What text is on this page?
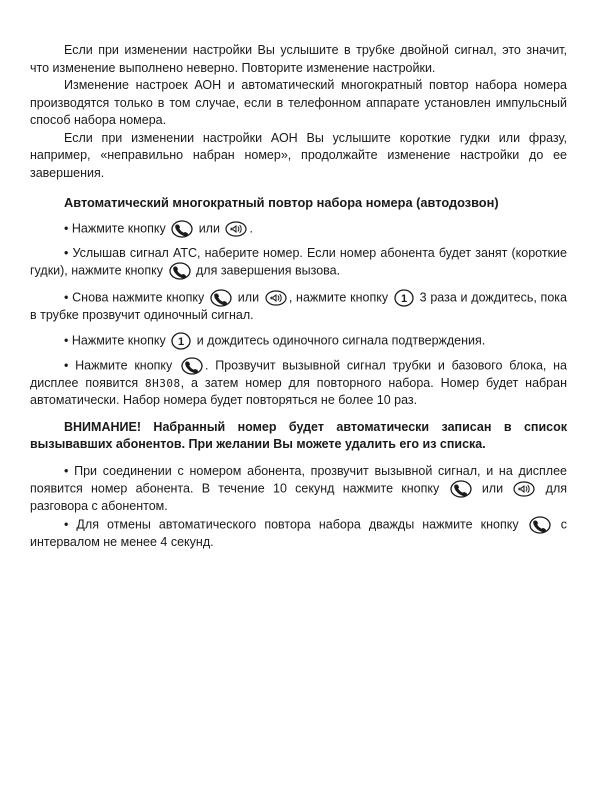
Если при изменении настройки Вы услышите в трубке двойной сигнал, это значит, что изменение выполнено неверно. Повторите изменение настройки.

Изменение настроек АОН и автоматический многократный повтор набора номера производятся только в том случае, если в телефонном аппарате установлен импульсный способ набора номера.

Если при изменении настройки АОН Вы услышите короткие гудки или фразу, например, «неправильно набран номер», продолжайте изменение настройки до ее завершения.

Автоматический многократный повтор набора номера (автодозвон)

• Нажмите кнопку	или .

• Услышав сигнал АТС, наберите номер. Если номер абонента будет занят (короткие гудки), нажмите кнопку	для завершения вызова.

• Снова нажмите кнопку	или , нажмите кнопку 1 3 раза и дождитесь, пока в трубке прозвучит одиночный сигнал.

• Нажмите кнопку 1 и дождитесь одиночного сигнала подтверждения.

• Нажмите кнопку	. Прозвучит вызывной сигнал трубки и базового блока, на дисплее появится 8H308, а затем номер для повторного набора. Номер будет набран автоматически. Набор номера будет повторяться не более 10 раз.

ВНИМАНИЕ! Набранный номер будет автоматически записан в список вызывавших абонентов. При желании Вы можете удалить его из списка.

• При соединении с номером абонента, прозвучит вызывной сигнал, и на дисплее появится номер абонента. В течение 10 секунд нажмите кнопку	или	для разговора с абонентом.

• Для отмены автоматического повтора набора дважды нажмите кнопку	с интервалом не менее 4 секунд.
